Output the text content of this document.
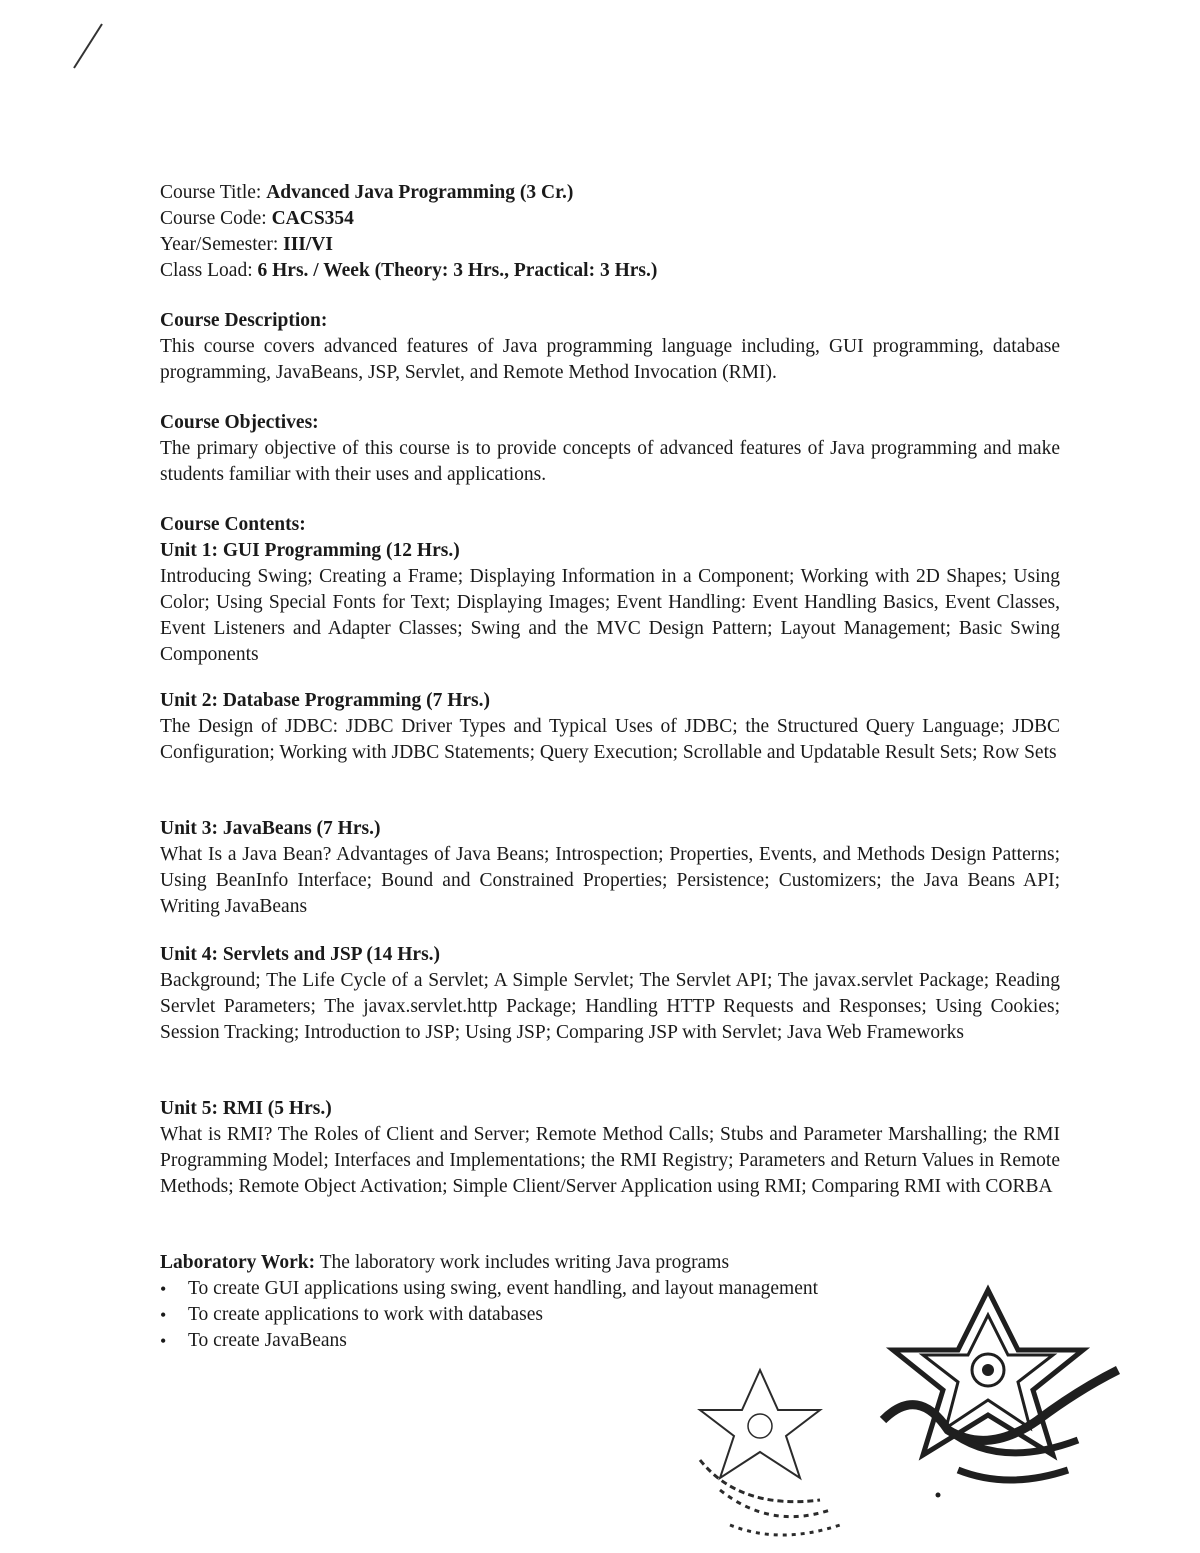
Course Title: Advanced Java Programming (3 Cr.)
Course Code: CACS354
Year/Semester: III/VI
Class Load: 6 Hrs. / Week (Theory: 3 Hrs., Practical: 3 Hrs.)
Course Description:
This course covers advanced features of Java programming language including, GUI programming, database programming, JavaBeans, JSP, Servlet, and Remote Method Invocation (RMI).
Course Objectives:
The primary objective of this course is to provide concepts of advanced features of Java programming and make students familiar with their uses and applications.
Course Contents:
Unit 1: GUI Programming (12 Hrs.)
Introducing Swing; Creating a Frame; Displaying Information in a Component; Working with 2D Shapes; Using Color; Using Special Fonts for Text; Displaying Images; Event Handling: Event Handling Basics, Event Classes, Event Listeners and Adapter Classes; Swing and the MVC Design Pattern; Layout Management; Basic Swing Components
Unit 2: Database Programming (7 Hrs.)
The Design of JDBC: JDBC Driver Types and Typical Uses of JDBC; the Structured Query Language; JDBC Configuration; Working with JDBC Statements; Query Execution; Scrollable and Updatable Result Sets; Row Sets
Unit 3: JavaBeans (7 Hrs.)
What Is a Java Bean? Advantages of Java Beans; Introspection; Properties, Events, and Methods Design Patterns; Using BeanInfo Interface; Bound and Constrained Properties; Persistence; Customizers; the Java Beans API; Writing JavaBeans
Unit 4: Servlets and JSP (14 Hrs.)
Background; The Life Cycle of a Servlet; A Simple Servlet; The Servlet API; The javax.servlet Package; Reading Servlet Parameters; The javax.servlet.http Package; Handling HTTP Requests and Responses; Using Cookies; Session Tracking; Introduction to JSP; Using JSP; Comparing JSP with Servlet; Java Web Frameworks
Unit 5: RMI (5 Hrs.)
What is RMI? The Roles of Client and Server; Remote Method Calls; Stubs and Parameter Marshalling; the RMI Programming Model; Interfaces and Implementations; the RMI Registry; Parameters and Return Values in Remote Methods; Remote Object Activation; Simple Client/Server Application using RMI; Comparing RMI with CORBA
Laboratory Work: The laboratory work includes writing Java programs
• To create GUI applications using swing, event handling, and layout management
• To create applications to work with databases
• To create JavaBeans
